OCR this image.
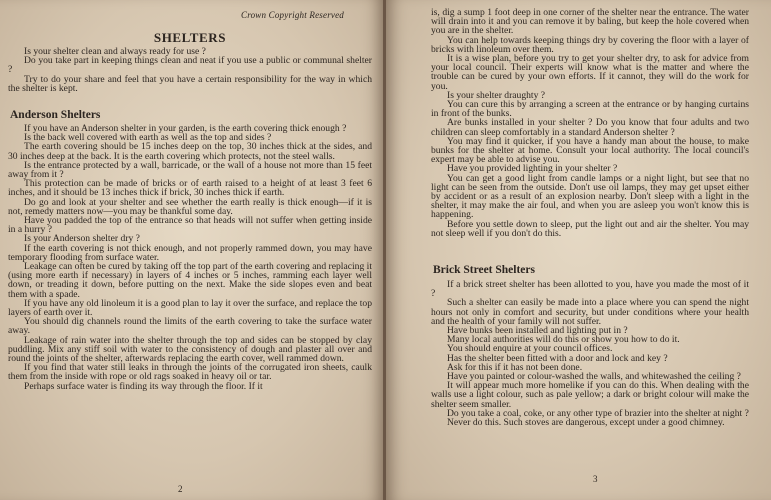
Crown Copyright Reserved
SHELTERS

Is your shelter clean and always ready for use ?

Do you take part in keeping things clean and neat if you use a public or communal shelter ?

Try to do your share and feel that you have a certain responsibility for the way in which the shelter is kept.

Anderson Shelters

If you have an Anderson shelter in your garden, is the earth covering thick enough ?

Is the back well covered with earth as well as the top and sides ?

The earth covering should be 15 inches deep on the top, 30 inches thick at the sides, and 30 inches deep at the back. It is the earth covering which protects, not the steel walls.

Is the entrance protected by a wall, barricade, or the wall of a house not more than 15 feet away from it ?

This protection can be made of bricks or of earth raised to a height of at least 3 feet 6 inches, and it should be 13 inches thick if brick, 30 inches thick if earth.

Do go and look at your shelter and see whether the earth really is thick enough—if it is not, remedy matters now—you may be thankful some day.

Have you padded the top of the entrance so that heads will not suffer when getting inside in a hurry ?

Is your Anderson shelter dry ?

If the earth covering is not thick enough, and not properly rammed down, you may have temporary flooding from surface water.

Leakage can often be cured by taking off the top part of the earth covering and replacing it (using more earth if necessary) in layers of 4 inches or 5 inches, ramming each layer well down, or treading it down, before putting on the next. Make the side slopes even and beat them with a spade.

If you have any old linoleum it is a good plan to lay it over the surface, and replace the top layers of earth over it.

You should dig channels round the limits of the earth covering to take the surface water away.

Leakage of rain water into the shelter through the top and sides can be stopped by clay puddling. Mix any stiff soil with water to the consistency of dough and plaster all over and round the joints of the shelter, afterwards replacing the earth cover, well rammed down.

If you find that water still leaks in through the joints of the corrugated iron sheets, caulk them from the inside with rope or old rags soaked in heavy oil or tar.

Perhaps surface water is finding its way through the floor. If it

2

is, dig a sump 1 foot deep in one corner of the shelter near the entrance. The water will drain into it and you can remove it by baling, but keep the hole covered when you are in the shelter.

You can help towards keeping things dry by covering the floor with a layer of bricks with linoleum over them.

It is a wise plan, before you try to get your shelter dry, to ask for advice from your local council. Their experts will know what is the matter and where the trouble can be cured by your own efforts. If it cannot, they will do the work for you.

Is your shelter draughty ?

You can cure this by arranging a screen at the entrance or by hanging curtains in front of the bunks.

Are bunks installed in your shelter ? Do you know that four adults and two children can sleep comfortably in a standard Anderson shelter ?

You may find it quicker, if you have a handy man about the house, to make bunks for the shelter at home. Consult your local authority. The local council's expert may be able to advise you.

Have you provided lighting in your shelter ?

You can get a good light from candle lamps or a night light, but see that no light can be seen from the outside. Don't use oil lamps, they may get upset either by accident or as a result of an explosion nearby. Don't sleep with a light in the shelter, it may make the air foul, and when you are asleep you won't know this is happening.

Before you settle down to sleep, put the light out and air the shelter. You may not sleep well if you don't do this.

Brick Street Shelters

If a brick street shelter has been allotted to you, have you made the most of it ?

Such a shelter can easily be made into a place where you can spend the night hours not only in comfort and security, but under conditions where your health and the health of your family will not suffer.

Have bunks been installed and lighting put in ?

Many local authorities will do this or show you how to do it.

You should enquire at your council offices.

Has the shelter been fitted with a door and lock and key ?

Ask for this if it has not been done.

Have you painted or colour-washed the walls, and whitewashed the ceiling ?

It will appear much more homelike if you can do this. When dealing with the walls use a light colour, such as pale yellow; a dark or bright colour will make the shelter seem smaller.

Do you take a coal, coke, or any other type of brazier into the shelter at night ?

Never do this. Such stoves are dangerous, except under a good chimney.

3
